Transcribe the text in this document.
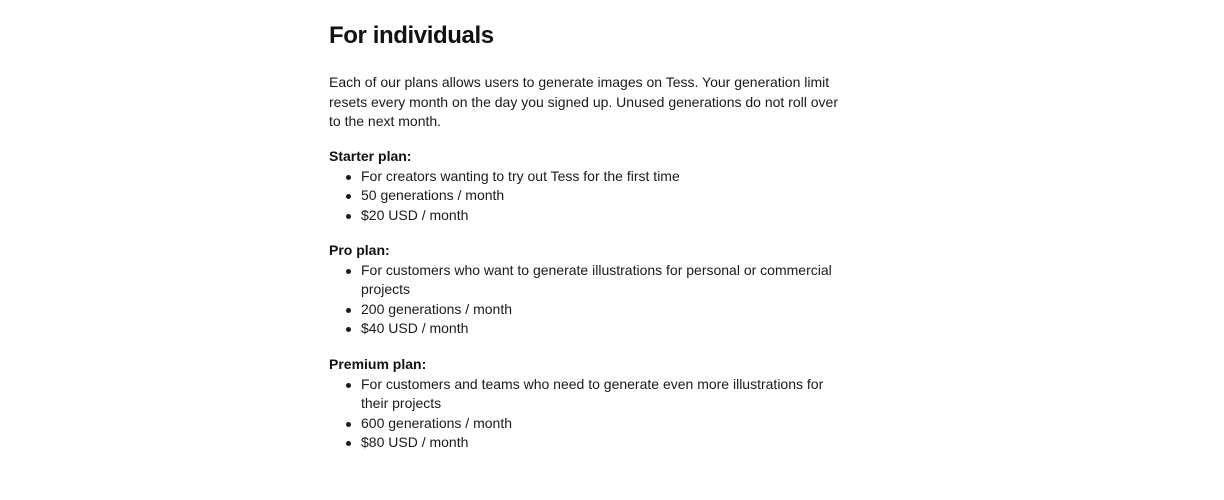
For individuals

Each of our plans allows users to generate images on Tess. Your generation limit resets every month on the day you signed up. Unused generations do not roll over to the next month.

Starter plan:

For creators wanting to try out Tess for the first time
50 generations / month
$20 USD / month

Pro plan:

For customers who want to generate illustrations for personal or commercial projects
200 generations / month
$40 USD / month

Premium plan:

For customers and teams who need to generate even more illustrations for their projects
600 generations / month
$80 USD / month
